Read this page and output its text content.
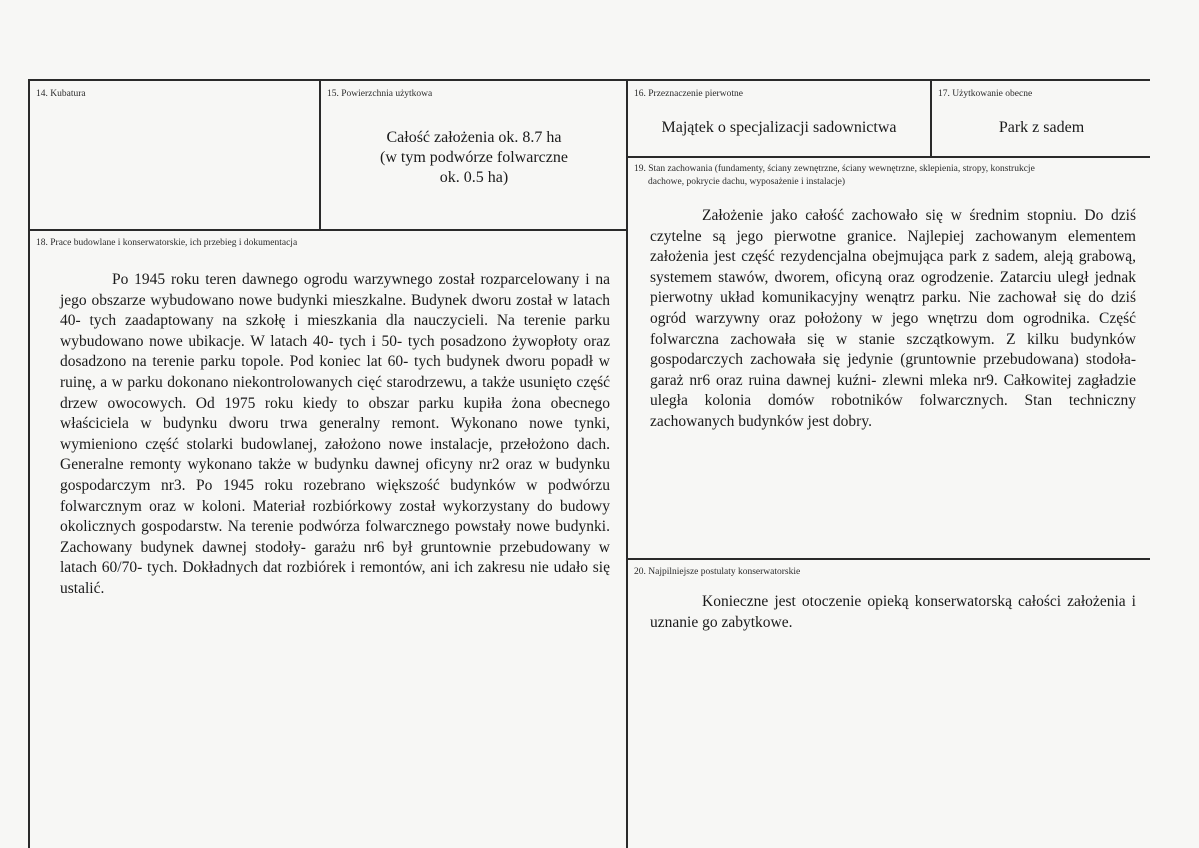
14. Kubatura	15. Powierzchnia użytkowa
Całość założenia ok. 8.7 ha
(w tym podwórze folwarczne
ok. 0.5 ha)
16. Przeznaczenie pierwotne
Majątek o specjalizacji sadownictwa
17. Użytkowanie obecne
Park z sadem
18. Prace budowlane i konserwatorskie, ich przebieg i dokumentacja

Po 1945 roku teren dawnego ogrodu warzywnego został rozparcelowany i na jego obszarze wybudowano nowe budynki mieszkalne. Budynek dworu został w latach 40- tych zaadaptowany na szkołę i mieszkania dla nauczycieli. Na terenie parku wybudowano nowe ubikacje. W latach 40- tych i 50- tych posadzono żywopłoty oraz dosadzono na terenie parku topole. Pod koniec lat 60- tych budynek dworu popadł w ruinę, a w parku dokonano niekontrolowanych cięć starodrzewu, a także usunięto część drzew owocowych. Od 1975 roku kiedy to obszar parku kupiła żona obecnego właściciela w budynku dworu trwa generalny remont. Wykonano nowe tynki, wymieniono część stolarki budowlanej, założono nowe instalacje, przełożono dach. Generalne remonty wykonano także w budynku dawnej oficyny nr2 oraz w budynku gospodarczym nr3. Po 1945 roku rozebrano większość budynków w podwórzu folwarcznym oraz w koloni. Materiał rozbiórkowy został wykorzystany do budowy okolicznych gospodarstw. Na terenie podwórza folwarcznego powstały nowe budynki. Zachowany budynek dawnej stodoły- garażu nr6 był gruntownie przebudowany w latach 60/70- tych. Dokładnych dat rozbiórek i remontów, ani ich zakresu nie udało się ustalić.

19. Stan zachowania (fundamenty, ściany zewnętrzne, ściany wewnętrzne, sklepienia, stropy, konstrukcje
dachowe, pokrycie dachu, wyposażenie i instalacje)

Założenie jako całość zachowało się w średnim stopniu. Do dziś czytelne są jego pierwotne granice. Najlepiej zachowanym elementem założenia jest część rezydencjalna obejmująca park z sadem, aleją grabową, systemem stawów, dworem, oficyną oraz ogrodzenie. Zatarciu uległ jednak pierwotny układ komunikacyjny wenątrz parku. Nie zachował się do dziś ogród warzywny oraz położony w jego wnętrzu dom ogrodnika. Część folwarczna zachowała się w stanie szczątkowym. Z kilku budynków gospodarczych zachowała się jedynie (gruntownie przebudowana) stodoła- garaż nr6 oraz ruina dawnej kuźni- zlewni mleka nr9. Całkowitej zagładzie uległa kolonia domów robotników folwarcznych. Stan techniczny zachowanych budynków jest dobry.

20. Najpilniejsze postulaty konserwatorskie

Konieczne jest otoczenie opieką konserwatorską całości założenia i uznanie go zabytkowe.
